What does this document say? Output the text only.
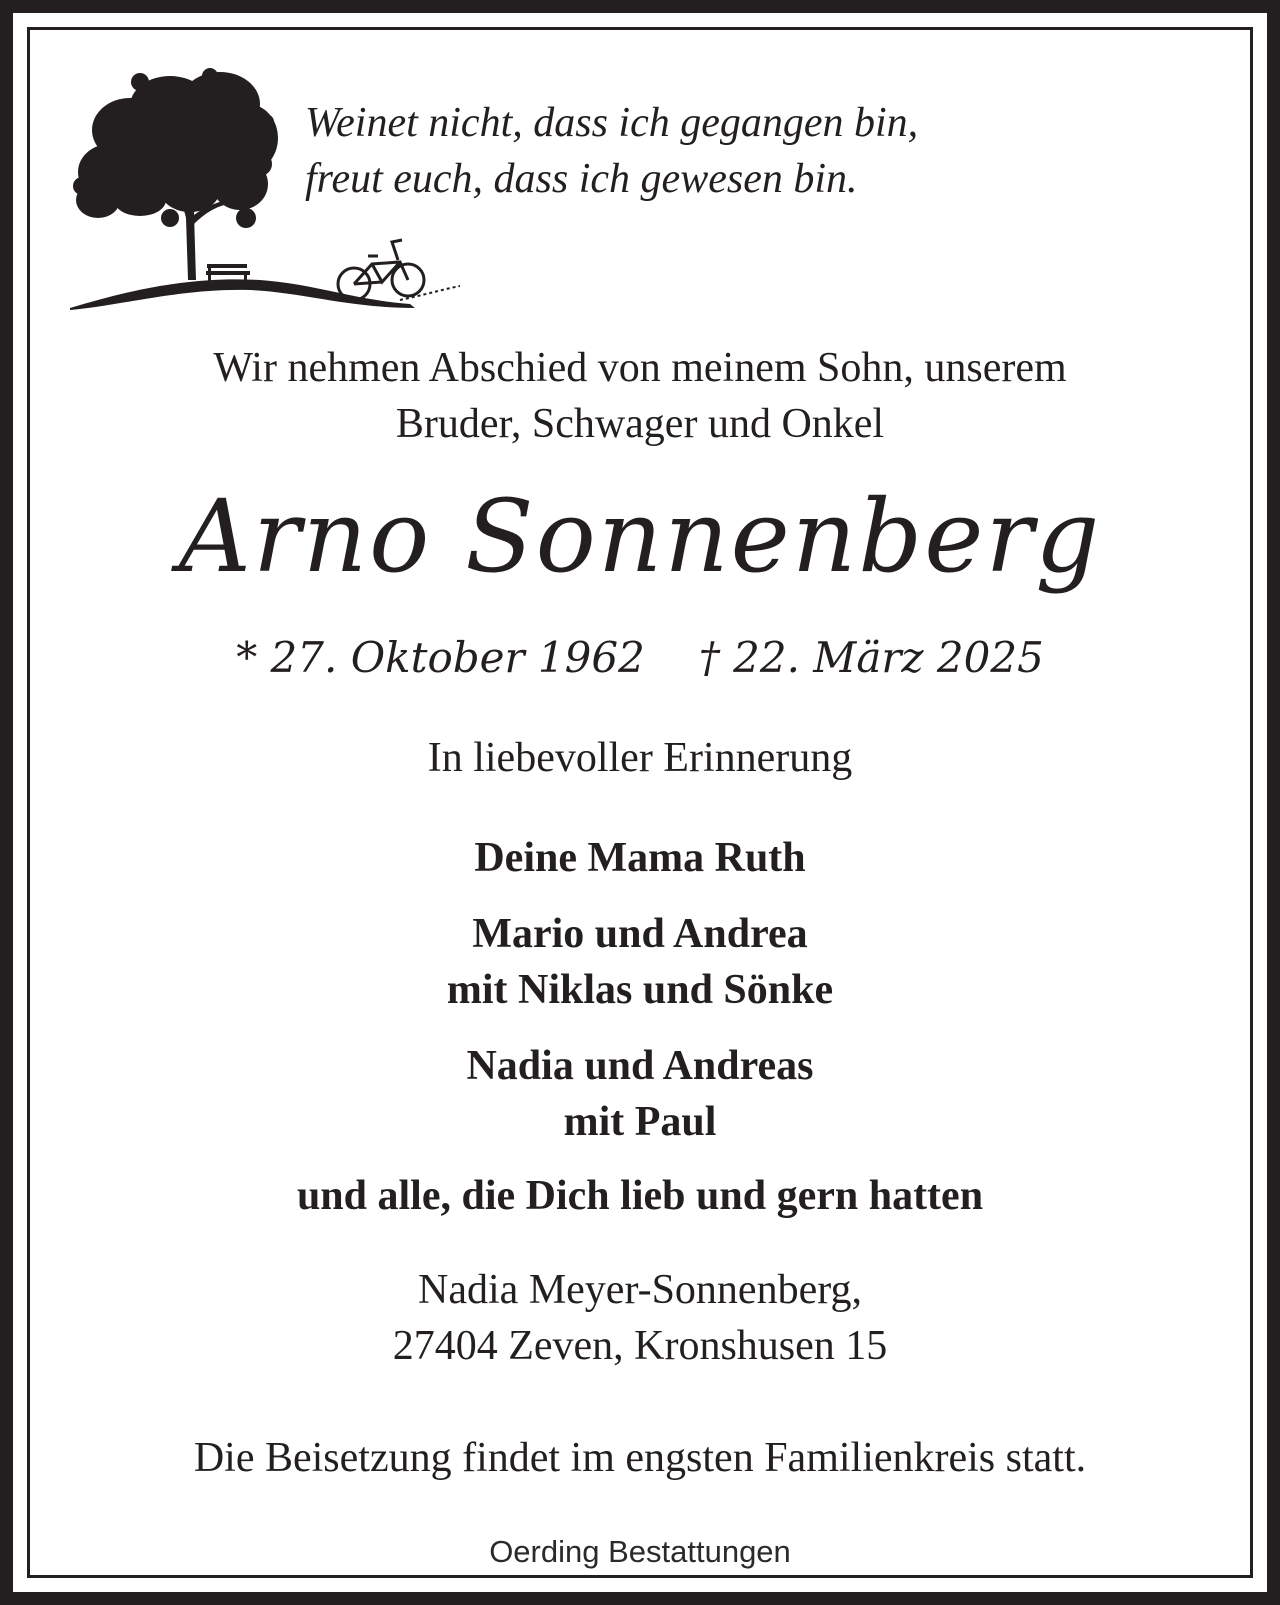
Weinet nicht, dass ich gegangen bin,
freut euch, dass ich gewesen bin.
Wir nehmen Abschied von meinem Sohn, unserem
Bruder, Schwager und Onkel
Arno Sonnenberg
* 27. Oktober 1962 † 22. März 2025
In liebevoller Erinnerung
Deine Mama Ruth
Mario und Andrea
mit Niklas und Sönke
Nadia und Andreas
mit Paul
und alle, die Dich lieb und gern hatten
Nadia Meyer-Sonnenberg,
27404 Zeven, Kronshusen 15
Die Beisetzung findet im engsten Familienkreis statt.
Oerding Bestattungen
